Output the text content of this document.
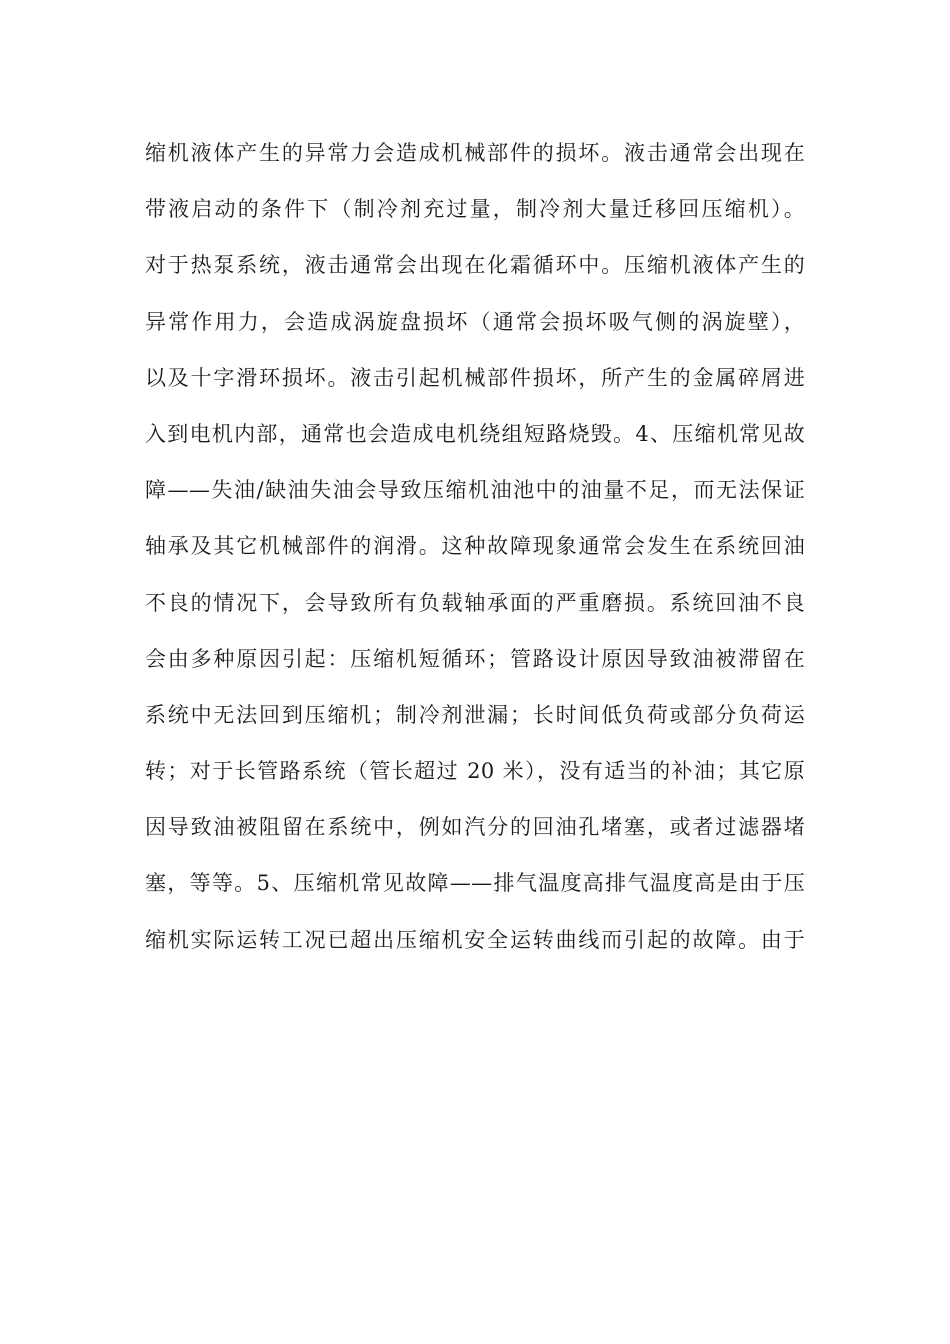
缩机液体产生的异常力会造成机械部件的损坏。液击通常会出现在
带液启动的条件下（制冷剂充过量，制冷剂大量迁移回压缩机）。
对于热泵系统，液击通常会出现在化霜循环中。压缩机液体产生的
异常作用力，会造成涡旋盘损坏（通常会损坏吸气侧的涡旋壁），
以及十字滑环损坏。液击引起机械部件损坏，所产生的金属碎屑进
入到电机内部，通常也会造成电机绕组短路烧毁。4、压缩机常见故
障——失油/缺油失油会导致压缩机油池中的油量不足，而无法保证
轴承及其它机械部件的润滑。这种故障现象通常会发生在系统回油
不良的情况下，会导致所有负载轴承面的严重磨损。系统回油不良
会由多种原因引起：压缩机短循环；管路设计原因导致油被滞留在
系统中无法回到压缩机；制冷剂泄漏；长时间低负荷或部分负荷运
转；对于长管路系统（管长超过 20 米），没有适当的补油；其它原
因导致油被阻留在系统中，例如汽分的回油孔堵塞，或者过滤器堵
塞，等等。5、压缩机常见故障——排气温度高排气温度高是由于压
缩机实际运转工况已超出压缩机安全运转曲线而引起的故障。由于
